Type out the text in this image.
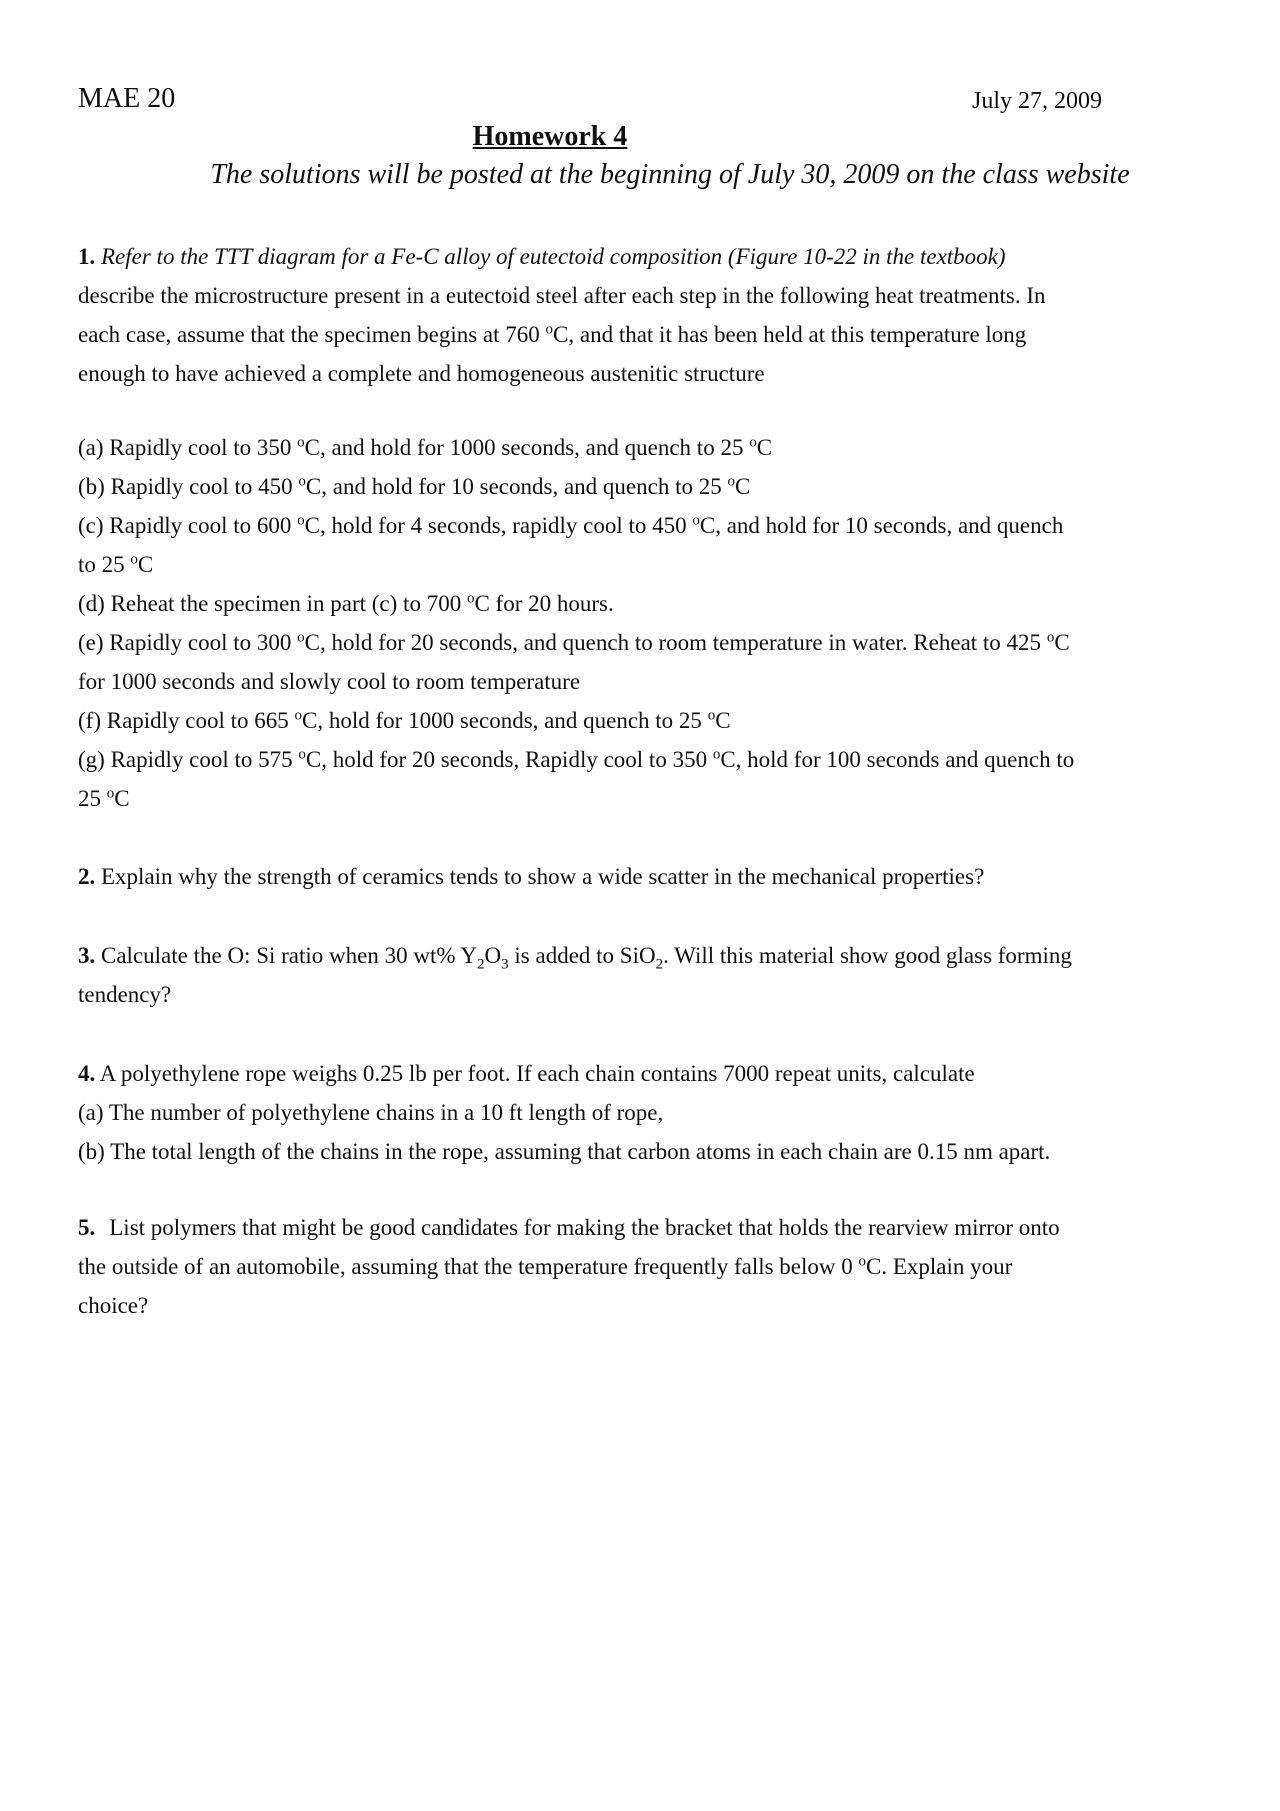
MAE 20	July 27, 2009
Homework 4
The solutions will be posted at the beginning of July 30, 2009 on the class website
1. Refer to the TTT diagram for a Fe-C alloy of eutectoid composition (Figure 10-22 in the textbook)
describe the microstructure present in a eutectoid steel after each step in the following heat treatments. In
each case, assume that the specimen begins at 760 $^o$C, and that it has been held at this temperature long
enough to have achieved a complete and homogeneous austenitic structure
(a) Rapidly cool to 350 $^o$C, and hold for 1000 seconds, and quench to 25 $^o$C
(b) Rapidly cool to 450 $^o$C, and hold for 10 seconds, and quench to 25 $^o$C
(c) Rapidly cool to 600 $^o$C, hold for 4 seconds, rapidly cool to 450 $^o$C, and hold for 10 seconds, and quench
to 25 $^o$C
(d) Reheat the specimen in part (c) to 700 $^o$C for 20 hours.
(e) Rapidly cool to 300 $^o$C, hold for 20 seconds, and quench to room temperature in water. Reheat to 425 $^o$C
for 1000 seconds and slowly cool to room temperature
(f) Rapidly cool to 665 $^o$C, hold for 1000 seconds, and quench to 25 $^o$C
(g) Rapidly cool to 575 $^o$C, hold for 20 seconds, Rapidly cool to 350 $^o$C, hold for 100 seconds and quench to
25 $^o$C
2. Explain why the strength of ceramics tends to show a wide scatter in the mechanical properties?
3. Calculate the O: Si ratio when 30 wt% $Y_2O_3$ is added to SiO$_2$. Will this material show good glass forming
tendency?
4. A polyethylene rope weighs 0.25 lb per foot. If each chain contains 7000 repeat units, calculate
(a) The number of polyethylene chains in a 10 ft length of rope,
(b) The total length of the chains in the rope, assuming that carbon atoms in each chain are 0.15 nm apart.
5. List polymers that might be good candidates for making the bracket that holds the rearview mirror onto
the outside of an automobile, assuming that the temperature frequently falls below 0 $^o$C. Explain your
choice?
